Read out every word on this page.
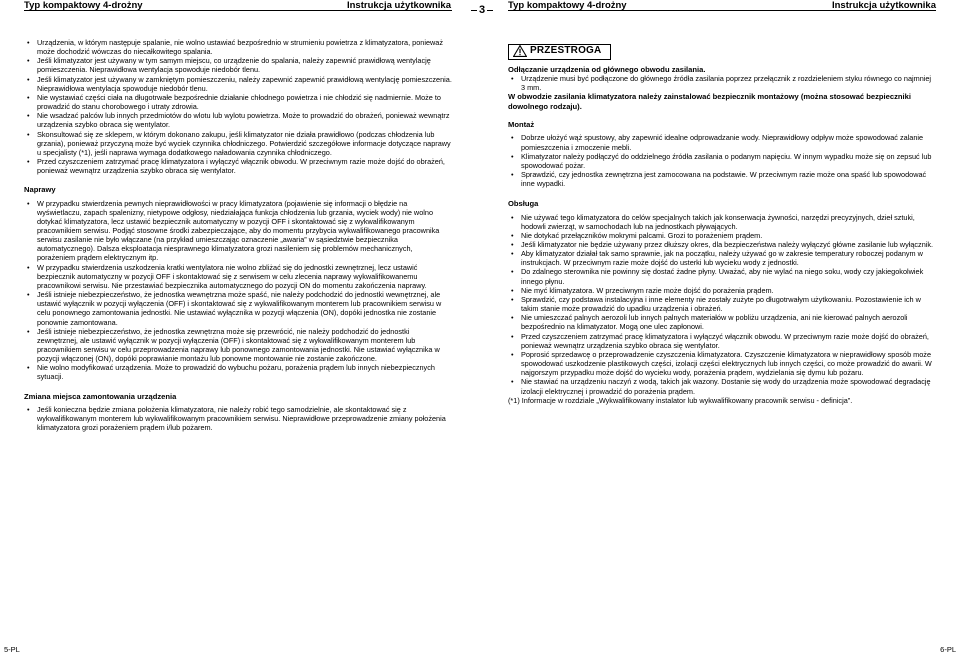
Typ kompaktowy 4-drożny	Instrukcja użytkownika	3	Typ kompaktowy 4-drożny	Instrukcja użytkownika
• Urządzenia, w którym następuje spalanie, nie wolno ustawiać bezpośrednio w strumieniu powietrza z klimatyzatora, ponieważ może dochodzić wówczas do niecałkowitego spalania.
• Jeśli klimatyzator jest używany w tym samym miejscu, co urządzenie do spalania, należy zapewnić prawidłową wentylację pomieszczenia. Nieprawidłowa wentylacja spowoduje niedobór tlenu.
• Jeśli klimatyzator jest używany w zamkniętym pomieszczeniu, należy zapewnić zapewnić prawidłową wentylację pomieszczenia. Nieprawidłowa wentylacja spowoduje niedobór tlenu.
• Nie wystawiać części ciała na długotrwałe bezpośrednie działanie chłodnego powietrza i nie chłodzić się nadmiernie. Może to prowadzić do stanu chorobowego i utraty zdrowia.
• Nie wsadzać palców lub innych przedmiotów do wlotu lub wylotu powietrza. Może to prowadzić do obrażeń, ponieważ wewnątrz urządzenia szybko obraca się wentylator.
• Skonsultować się ze sklepem, w którym dokonano zakupu, jeśli klimatyzator nie działa prawidłowo (podczas chłodzenia lub grzania), ponieważ przyczyną może być wyciek czynnika chłodniczego. Potwierdzić szczegółowe informacje dotyczące naprawy u specjalisty (*1), jeśli naprawa wymaga dodatkowego naładowania czynnika chłodniczego.
• Przed czyszczeniem zatrzymać pracę klimatyzatora i wyłączyć włącznik obwodu. W przeciwnym razie może dojść do obrażeń, ponieważ wewnątrz urządzenia szybko obraca się wentylator.
Naprawy
• W przypadku stwierdzenia pewnych nieprawidłowości w pracy klimatyzatora (pojawienie się informacji o błędzie na wyświetlaczu, zapach spalenizny, nietypowe odgłosy, niedziałająca funkcja chłodzenia lub grzania, wyciek wody) nie wolno dotykać klimatyzatora, lecz ustawić bezpiecznik automatyczny w pozycji OFF i skontaktować się z wykwalifikowanym pracownikiem serwisu. Podjąć stosowne środki zabezpieczające, aby do momentu przybycia wykwalifikowanego pracownika serwisu zasilanie nie było włączane (na przykład umieszczając oznaczenie „awaria” w sąsiedztwie bezpiecznika automatycznego). Dalsza eksploatacja niesprawnego klimatyzatora grozi nasileniem się problemów mechanicznych, porażeniem prądem elektrycznym itp.
• W przypadku stwierdzenia uszkodzenia kratki wentylatora nie wolno zbliżać się do jednostki zewnętrznej, lecz ustawić bezpiecznik automatyczny w pozycji OFF i skontaktować się z serwisem w celu zlecenia naprawy wykwalifikowanemu pracownikowi serwisu. Nie przestawiać bezpiecznika automatycznego do pozycji ON do momentu zakończenia naprawy.
• Jeśli istnieje niebezpieczeństwo, że jednostka wewnętrzna może spaść, nie należy podchodzić do jednostki wewnętrznej, ale ustawić wyłącznik w pozycji wyłączenia (OFF) i skontaktować się z wykwalifikowanym monterem lub pracownikiem serwisu w celu ponownego zamontowania jednostki. Nie ustawiać wyłącznika w pozycji włączenia (ON), dopóki jednostka nie zostanie ponownie zamontowana.
• Jeśli istnieje niebezpieczeństwo, że jednostka zewnętrzna może się przewrócić, nie należy podchodzić do jednostki zewnętrznej, ale ustawić wyłącznik w pozycji wyłączenia (OFF) i skontaktować się z wykwalifikowanym monterem lub pracownikiem serwisu w celu przeprowadzenia naprawy lub ponownego zamontowania jednostki. Nie ustawiać wyłącznika w pozycji włączonej (ON), dopóki poprawianie montażu lub ponowne montowanie nie zostanie zakończone.
• Nie wolno modyfikować urządzenia. Może to prowadzić do wybuchu pożaru, porażenia prądem lub innych niebezpiecznych sytuacji.
Zmiana miejsca zamontowania urządzenia
• Jeśli konieczna będzie zmiana położenia klimatyzatora, nie należy robić tego samodzielnie, ale skontaktować się z wykwalifikowanym monterem lub wykwalifikowanym pracownikiem serwisu. Nieprawidłowe przeprowadzenie zmiany położenia klimatyzatora grozi porażeniem prądem i/lub pożarem.
PRZESTROGA

Odłączanie urządzenia od głównego obwodu zasilania.

• Urządzenie musi być podłączone do głównego źródła zasilania poprzez przełącznik z rozdzieleniem styku równego co najmniej 3 mm.

W obwodzie zasilania klimatyzatora należy zainstalować bezpiecznik montażowy (można stosować bezpieczniki dowolnego rodzaju).

Montaż
• Dobrze ułożyć wąż spustowy, aby zapewnić idealne odprowadzanie wody. Nieprawidłowy odpływ może spowodować zalanie pomieszczenia i zmoczenie mebli.
• Klimatyzator należy podłączyć do oddzielnego źródła zasilania o podanym napięciu. W innym wypadku może się on zepsuć lub spowodować pożar.
• Sprawdzić, czy jednostka zewnętrzna jest zamocowana na podstawie. W przeciwnym razie może ona spaść lub spowodować inne wypadki.
Obsługa
• Nie używać tego klimatyzatora do celów specjalnych takich jak konserwacja żywności, narzędzi precyzyjnych, dzieł sztuki, hodowli zwierząt, w samochodach lub na jednostkach pływających.
• Nie dotykać przełączników mokrymi palcami. Grozi to porażeniem prądem.
• Jeśli klimatyzator nie będzie używany przez dłuższy okres, dla bezpieczeństwa należy wyłączyć główne zasilanie lub wyłącznik.
• Aby klimatyzator działał tak samo sprawnie, jak na początku, należy używać go w zakresie temperatury roboczej podanym w instrukcjach. W przeciwnym razie może dojść do usterki lub wycieku wody z jednostki.
• Do zdalnego sterownika nie powinny się dostać żadne płyny. Uważać, aby nie wylać na niego soku, wody czy jakiegokolwiek innego płynu.
• Nie myć klimatyzatora. W przeciwnym razie może dojść do porażenia prądem.
• Sprawdzić, czy podstawa instalacyjna i inne elementy nie zostały zużyte po długotrwałym użytkowaniu. Pozostawienie ich w takim stanie może prowadzić do upadku urządzenia i obrażeń.
• Nie umieszczać palnych aerozoli lub innych palnych materiałów w pobliżu urządzenia, ani nie kierować palnych aerozoli bezpośrednio na klimatyzator. Mogą one ulec zapłonowi.
• Przed czyszczeniem zatrzymać pracę klimatyzatora i wyłączyć włącznik obwodu. W przeciwnym razie może dojść do obrażeń, ponieważ wewnątrz urządzenia szybko obraca się wentylator.
• Poprosić sprzedawcę o przeprowadzenie czyszczenia klimatyzatora. Czyszczenie klimatyzatora w nieprawidłowy sposób może spowodować uszkodzenie plastikowych części, izolacji części elektrycznych lub innych części, co może prowadzić do awarii. W najgorszym przypadku może dojść do wycieku wody, porażenia prądem, wydzielania się dymu lub pożaru.
• Nie stawiać na urządzeniu naczyń z wodą, takich jak wazony. Dostanie się wody do urządzenia może spowodować degradację izolacji elektrycznej i prowadzić do porażenia prądem.

(*1) Informacje w rozdziale „Wykwalifikowany instalator lub wykwalifikowany pracownik serwisu - definicja”.

5-PL	6-PL
